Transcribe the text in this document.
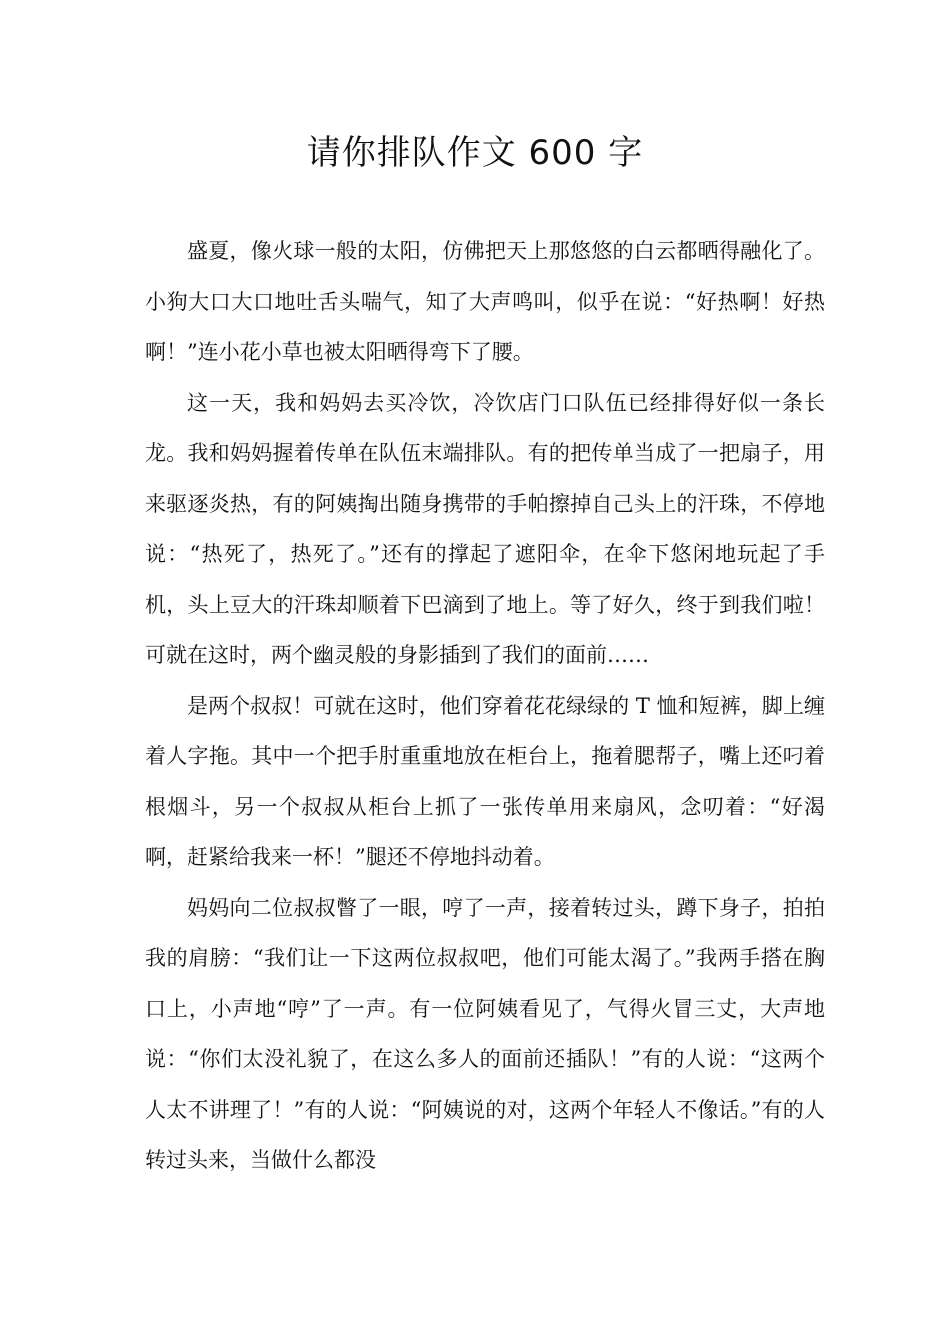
请你排队作文 600 字

盛夏，像火球一般的太阳，仿佛把天上那悠悠的白云都晒得融化了。小狗大口大口地吐舌头喘气，知了大声鸣叫，似乎在说：“好热啊！好热啊！”连小花小草也被太阳晒得弯下了腰。

这一天，我和妈妈去买冷饮，冷饮店门口队伍已经排得好似一条长龙。我和妈妈握着传单在队伍末端排队。有的把传单当成了一把扇子，用来驱逐炎热，有的阿姨掏出随身携带的手帕擦掉自己头上的汗珠，不停地说：“热死了，热死了。”还有的撑起了遮阳伞，在伞下悠闲地玩起了手机，头上豆大的汗珠却顺着下巴滴到了地上。等了好久，终于到我们啦！可就在这时，两个幽灵般的身影插到了我们的面前……

是两个叔叔！可就在这时，他们穿着花花绿绿的 T 恤和短裤，脚上缠着人字拖。其中一个把手肘重重地放在柜台上，拖着腮帮子，嘴上还叼着根烟斗，另一个叔叔从柜台上抓了一张传单用来扇风，念叨着：“好渴啊，赶紧给我来一杯！”腿还不停地抖动着。

妈妈向二位叔叔瞥了一眼，哼了一声，接着转过头，蹲下身子，拍拍我的肩膀：“我们让一下这两位叔叔吧，他们可能太渴了。”我两手搭在胸口上，小声地“哼”了一声。有一位阿姨看见了，气得火冒三丈，大声地说：“你们太没礼貌了，在这么多人的面前还插队！”有的人说：“这两个人太不讲理了！”有的人说：“阿姨说的对，这两个年轻人不像话。”有的人转过头来，当做什么都没
